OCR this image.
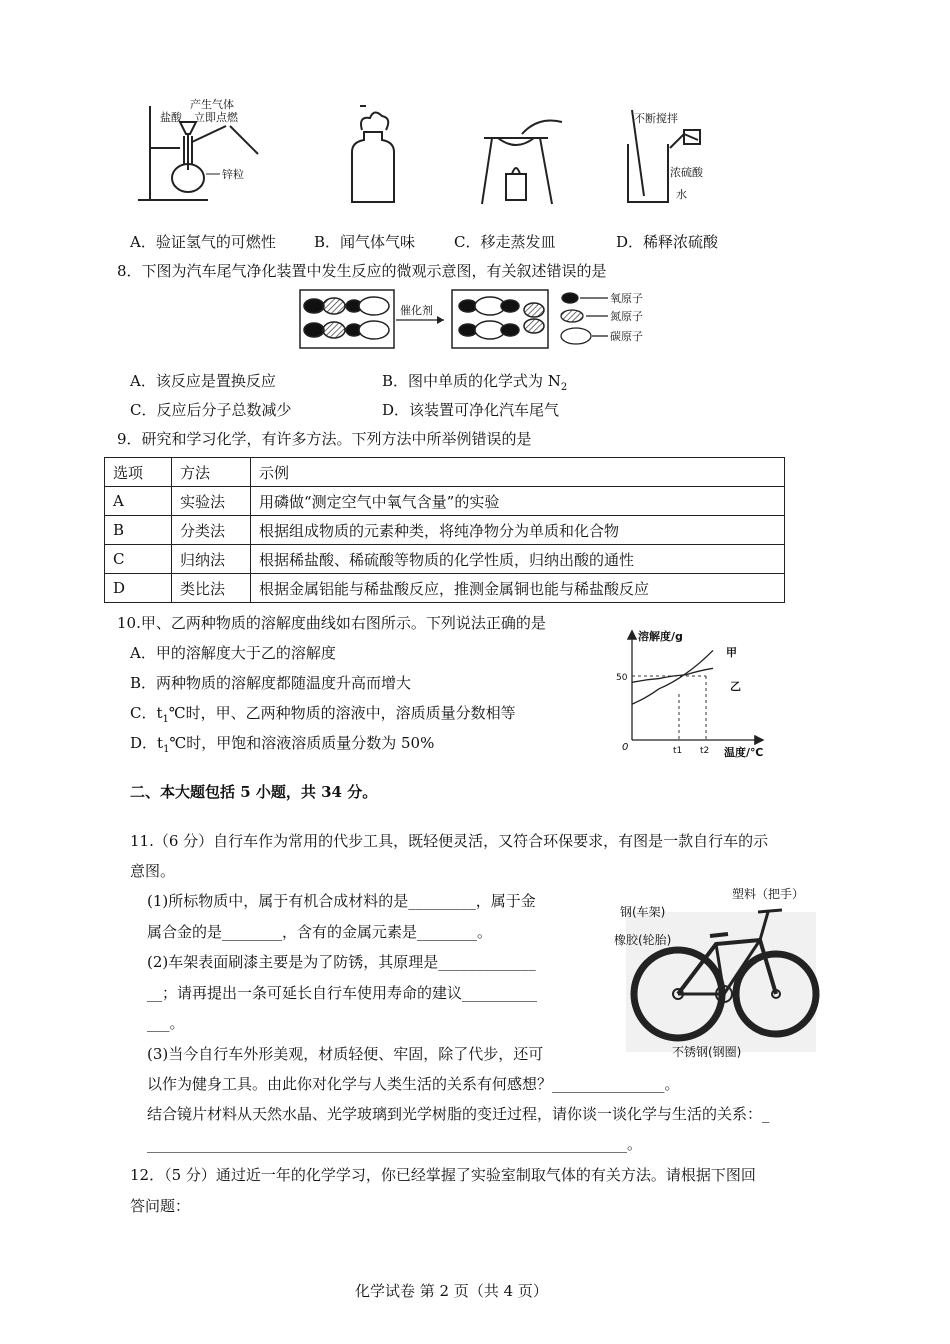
产生气体
立即点燃
盐酸
锌粒
不断搅拌
浓硫酸
水
A．验证氢气的可燃性	B．闻气体气味	C．移走蒸发皿	D．稀释浓硫酸
8．下图为汽车尾气净化装置中发生反应的微观示意图，有关叙述错误的是
催化剂
氧原子
氮原子
碳原子
A．该反应是置换反应	B．图中单质的化学式为 $N_2$
C．反应后分子总数减少	D．该装置可净化汽车尾气
9．研究和学习化学，有许多方法。下列方法中所举例错误的是
选项	方法	示例
A	实验法	用磷做“测定空气中氧气含量”的实验
B	分类法	根据组成物质的元素种类，将纯净物分为单质和化合物
C	归纳法	根据稀盐酸、稀硫酸等物质的化学性质，归纳出酸的通性
D	类比法	根据金属铝能与稀盐酸反应，推测金属铜也能与稀盐酸反应
10.甲、乙两种物质的溶解度曲线如右图所示。下列说法正确的是
A．甲的溶解度大于乙的溶解度
B．两种物质的溶解度都随温度升高而增大
C．$t_1℃$时，甲、乙两种物质的溶液中，溶质质量分数相等
D．$t_1℃$时，甲饱和溶液溶质质量分数为 50%
溶解度/g
温度/℃
0
50
t1 t2
甲
乙
二、本大题包括 5 小题，共 34 分。
11.（6 分）自行车作为常用的代步工具，既轻便灵活，又符合环保要求，有图是一款自行车的示
意图。
(1)所标物质中，属于有机合成材料的是_________，属于金
属合金的是________，含有的金属元素是________。
(2)车架表面刷漆主要是为了防锈，其原理是_____________
__；请再提出一条可延长自行车使用寿命的建议__________
___。
(3)当今自行车外形美观，材质轻便、牢固，除了代步，还可
以作为健身工具。由此你对化学与人类生活的关系有何感想？_______________。
结合镜片材料从天然水晶、光学玻璃到光学树脂的变迁过程，请你谈一谈化学与生活的关系：_
________________________________________________________________。
塑料（把手）
钢(车架)
橡胶(轮胎)
不锈钢(钢圈)
12．（5 分）通过近一年的化学学习，你已经掌握了实验室制取气体的有关方法。请根据下图回
答问题：
化学试卷 第 2 页（共 4 页）
